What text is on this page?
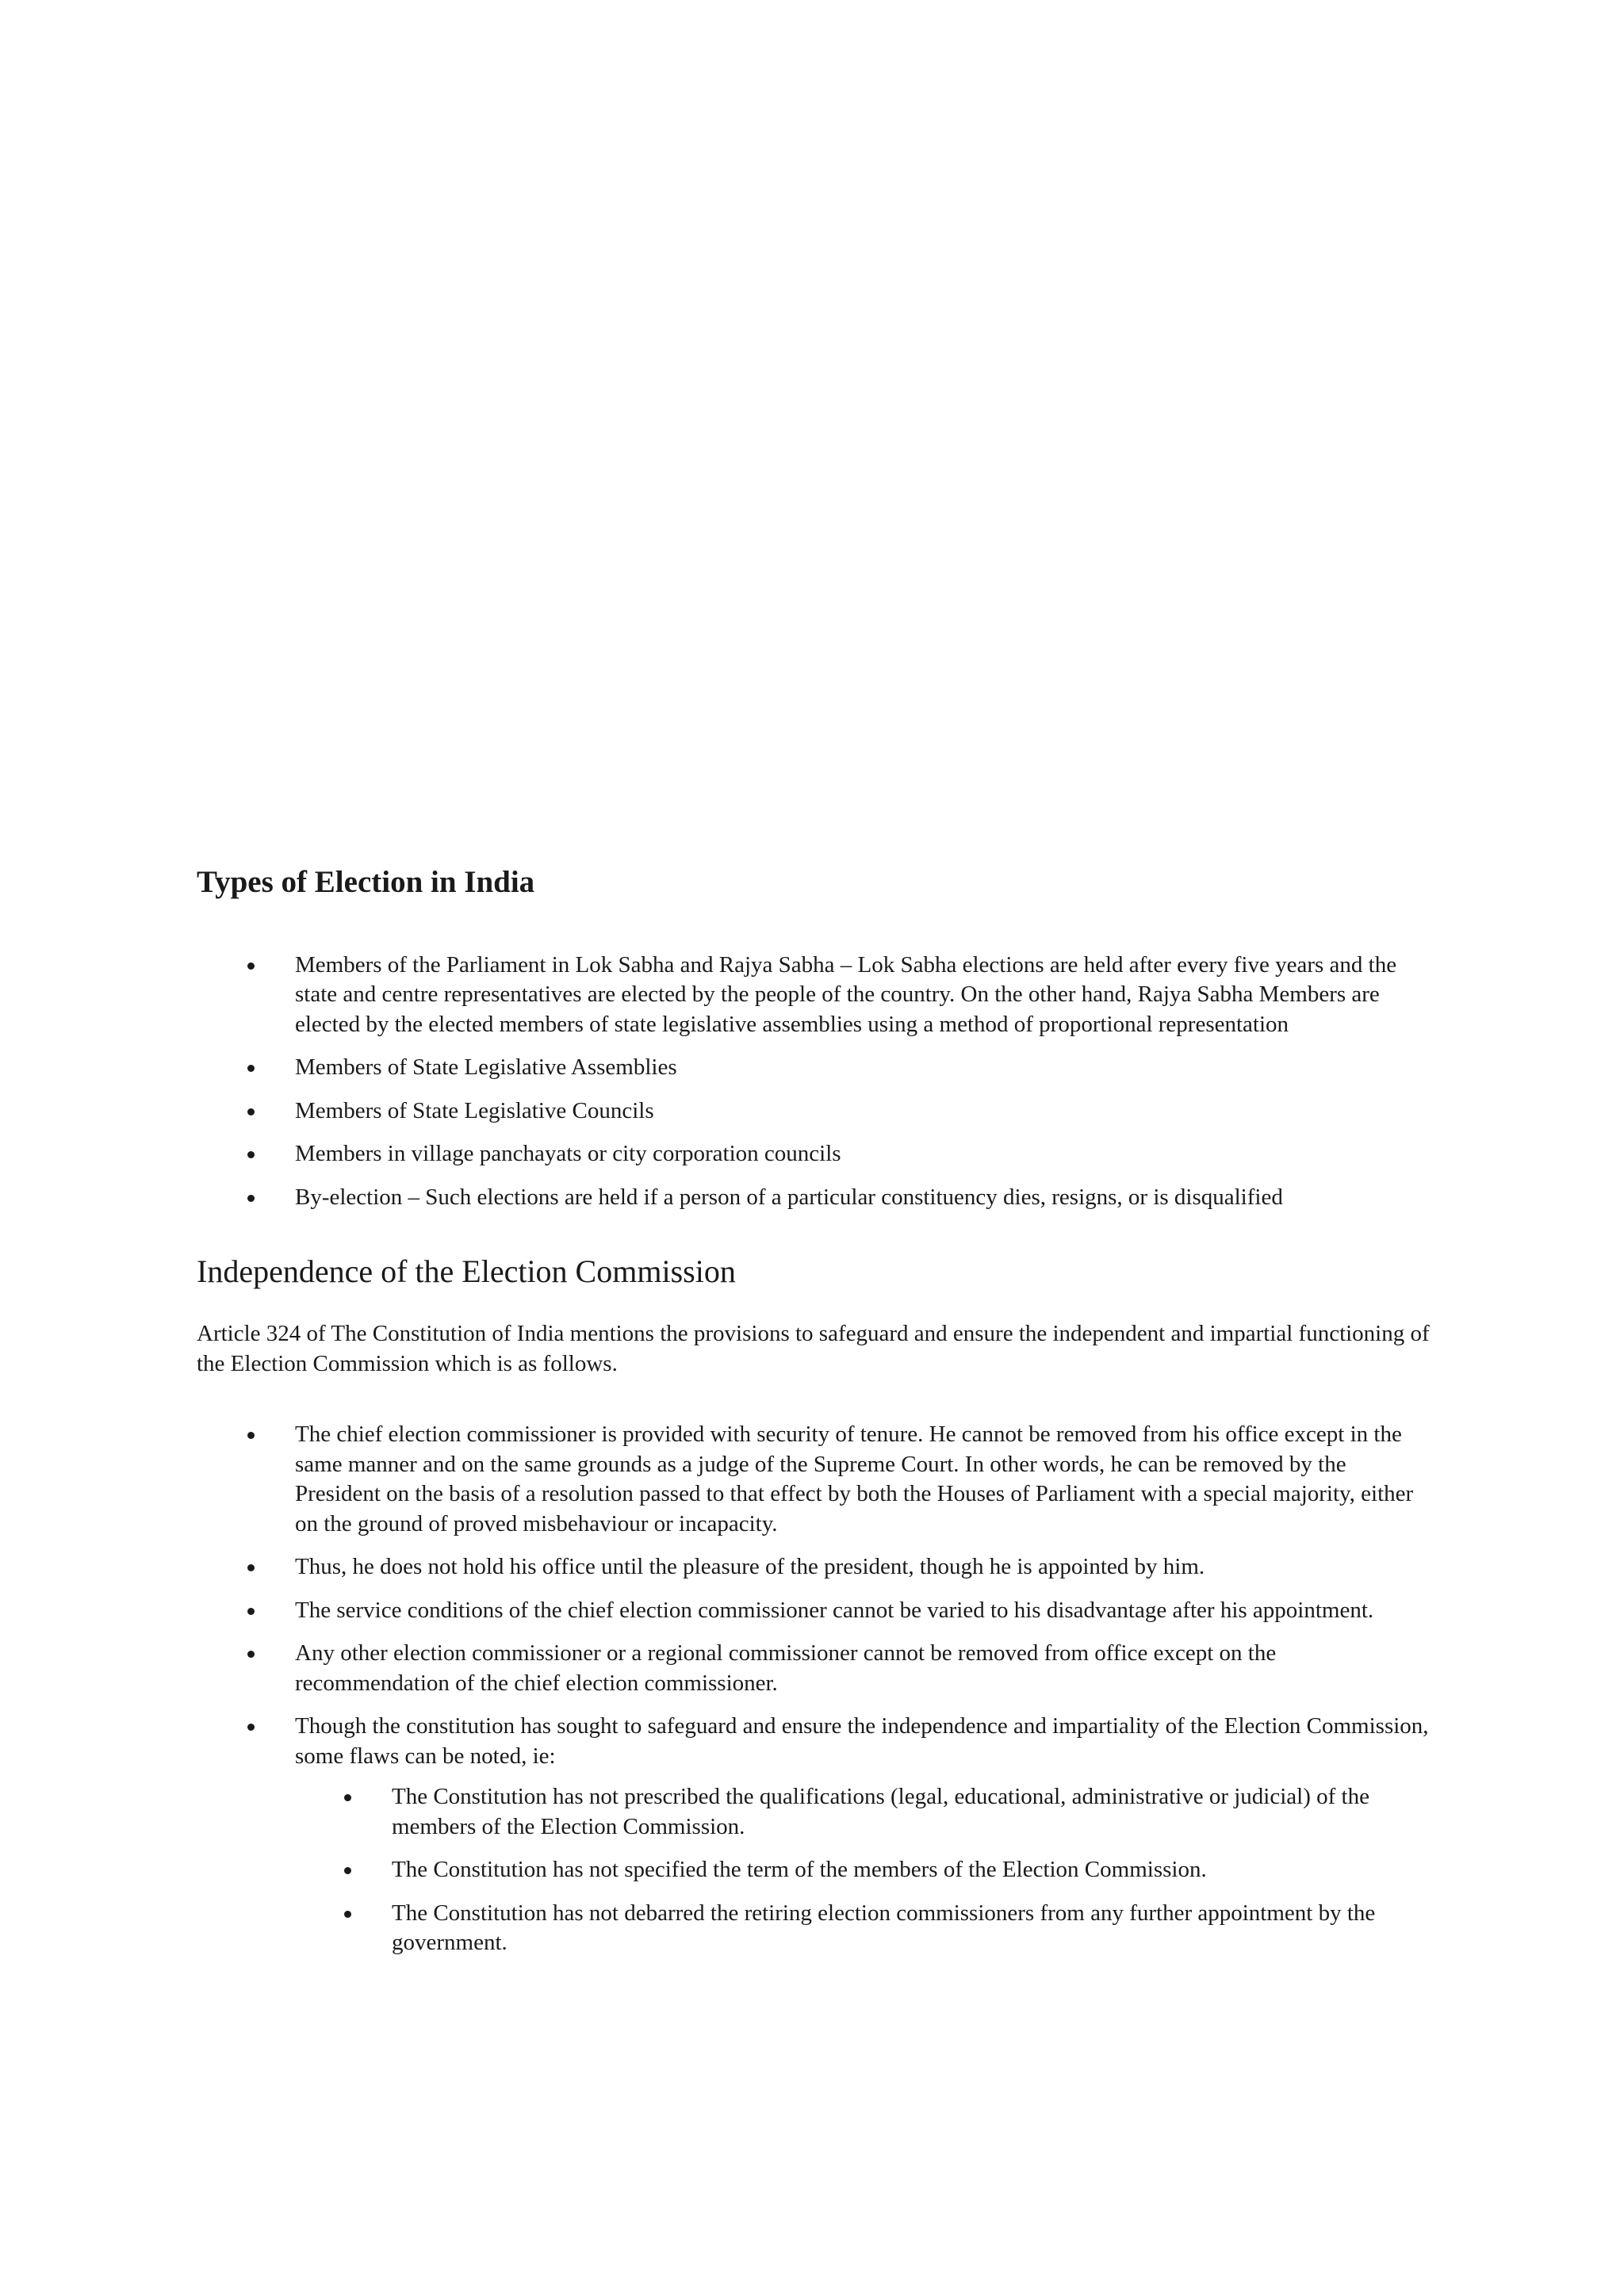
Types of Election in India
Members of the Parliament in Lok Sabha and Rajya Sabha – Lok Sabha elections are held after every five years and the state and centre representatives are elected by the people of the country. On the other hand, Rajya Sabha Members are elected by the elected members of state legislative assemblies using a method of proportional representation
Members of State Legislative Assemblies
Members of State Legislative Councils
Members in village panchayats or city corporation councils
By-election – Such elections are held if a person of a particular constituency dies, resigns, or is disqualified
Independence of the Election Commission

Article 324 of The Constitution of India mentions the provisions to safeguard and ensure the independent and impartial functioning of the Election Commission which is as follows.

The chief election commissioner is provided with security of tenure. He cannot be removed from his office except in the same manner and on the same grounds as a judge of the Supreme Court. In other words, he can be removed by the President on the basis of a resolution passed to that effect by both the Houses of Parliament with a special majority, either on the ground of proved misbehaviour or incapacity.
Thus, he does not hold his office until the pleasure of the president, though he is appointed by him.
The service conditions of the chief election commissioner cannot be varied to his disadvantage after his appointment.
Any other election commissioner or a regional commissioner cannot be removed from office except on the recommendation of the chief election commissioner.
Though the constitution has sought to safeguard and ensure the independence and impartiality of the Election Commission, some flaws can be noted, ie:
The Constitution has not prescribed the qualifications (legal, educational, administrative or judicial) of the members of the Election Commission.
The Constitution has not specified the term of the members of the Election Commission.
The Constitution has not debarred the retiring election commissioners from any further appointment by the government.
